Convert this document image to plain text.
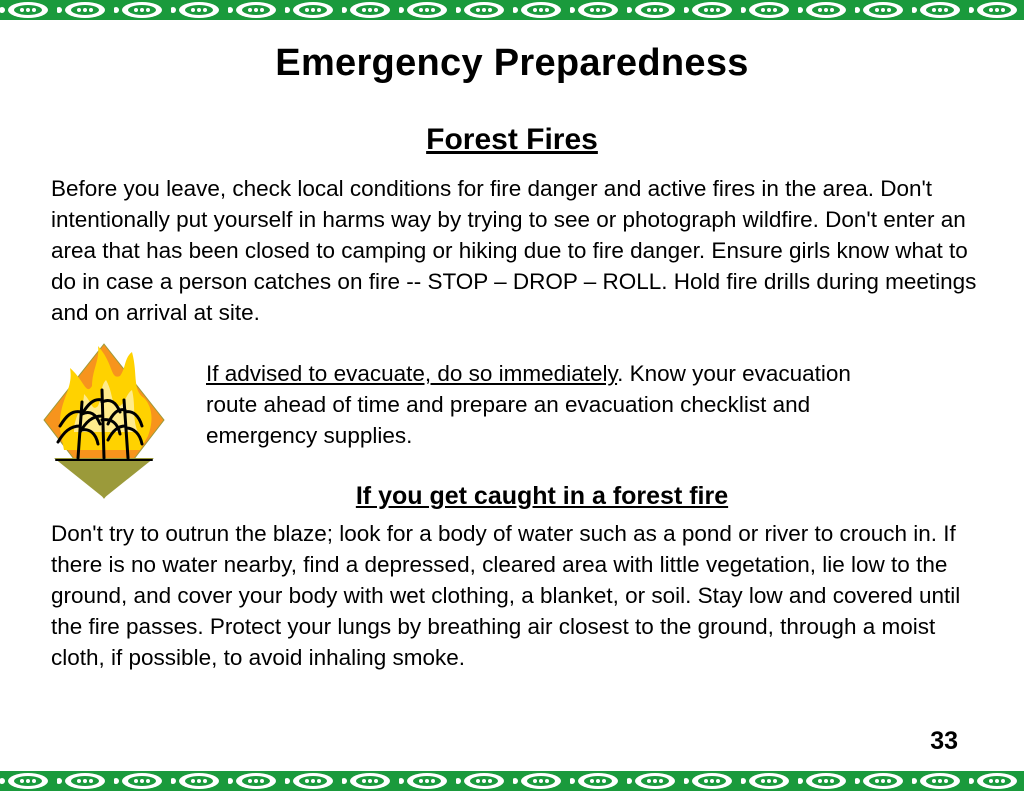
Emergency Preparedness
Forest Fires
Before you leave, check local conditions for fire danger and active fires in the area. Don't intentionally put yourself in harms way by trying to see or photograph wildfire. Don't enter an area that has been closed to camping or hiking due to fire danger. Ensure girls know what to do in case a person catches on fire -- STOP – DROP – ROLL. Hold fire drills during meetings and on arrival at site.
If advised to evacuate, do so immediately. Know your evacuation route ahead of time and prepare an evacuation checklist and emergency supplies.
If you get caught in a forest fire
Don't try to outrun the blaze; look for a body of water such as a pond or river to crouch in. If there is no water nearby, find a depressed, cleared area with little vegetation, lie low to the ground, and cover your body with wet clothing, a blanket, or soil. Stay low and covered until the fire passes. Protect your lungs by breathing air closest to the ground, through a moist cloth, if possible, to avoid inhaling smoke.
33
